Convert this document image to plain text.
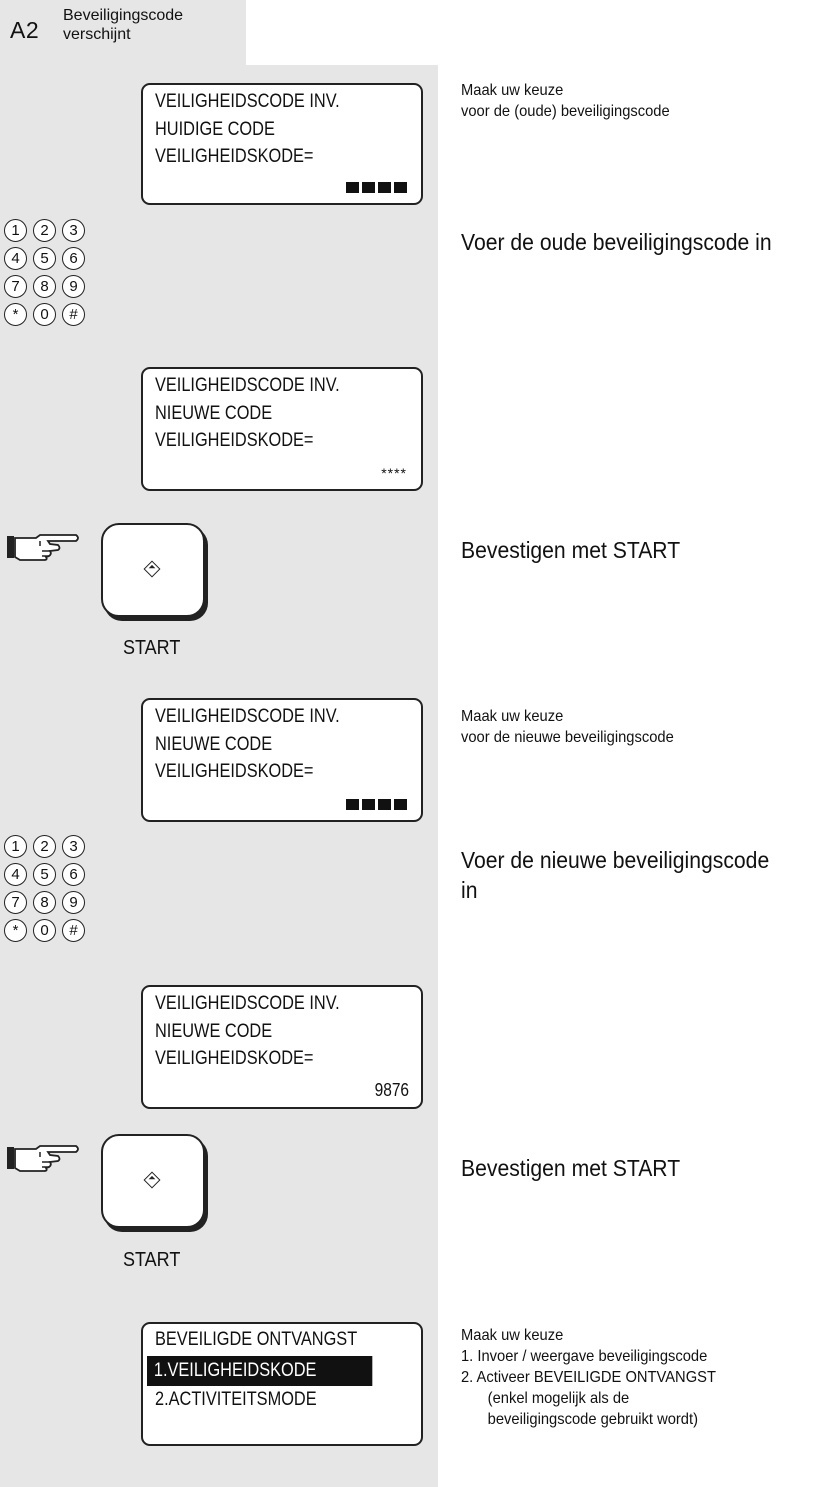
A2
Beveiligingscode verschijnt
VEILIGHEIDSCODE INV.
HUIDIGE CODE
VEILIGHEIDSKODE=
1	2	3
4	5	6
7	8	9
*	0	#
VEILIGHEIDSCODE INV.
NIEUWE CODE
VEILIGHEIDSKODE=
****
START
VEILIGHEIDSCODE INV.
NIEUWE CODE
VEILIGHEIDSKODE=
1	2	3
4	5	6
7	8	9
*	0	#
VEILIGHEIDSCODE INV.
NIEUWE CODE
VEILIGHEIDSKODE=
9876
START
BEVEILIGDE ONTVANGST
1.VEILIGHEIDSKODE
2.ACTIVITEITSMODE
Maak uw keuze
voor de (oude) beveiligingscode
Voer de oude beveiligingscode in
Bevestigen met START
Maak uw keuze
voor de nieuwe beveiligingscode
Voer de nieuwe beveiligingscode in
Bevestigen met START
Maak uw keuze
1. Invoer / weergave beveiligingscode
2. Activeer BEVEILIGDE ONTVANGST
(enkel mogelijk als de
beveiligingscode gebruikt wordt)
